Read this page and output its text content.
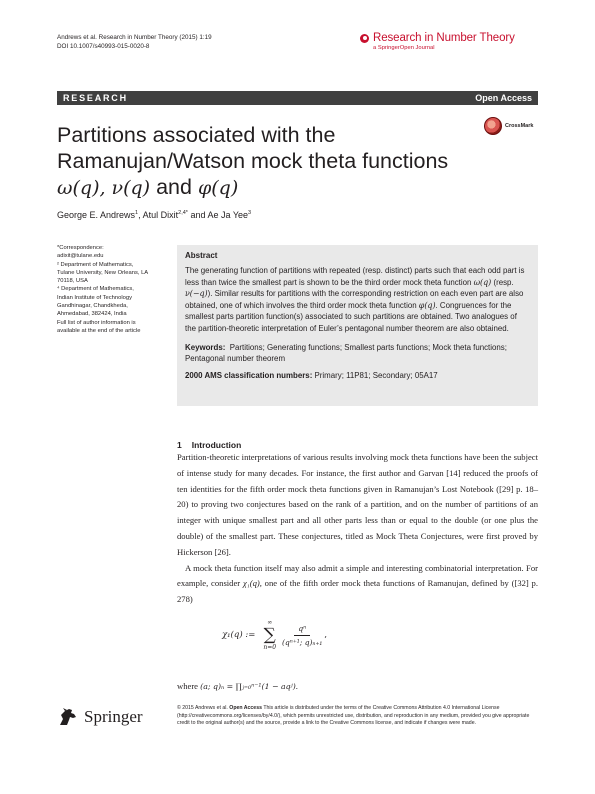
Andrews et al. Research in Number Theory (2015) 1:19
DOI 10.1007/s40993-015-0020-8
Research in Number Theory
a SpringerOpen Journal
RESEARCH	Open Access
CrossMark
Partitions associated with the
Ramanujan/Watson mock theta functions
ω(q), ν(q) and φ(q)
George E. Andrews$^1$, Atul Dixit$^{2,4*}$ and Ae Ja Yee$^3$
*Correspondence:
adixit@tulane.edu
² Department of Mathematics,
Tulane University, New Orleans, LA
70118, USA
⁴ Department of Mathematics,
Indian Institute of Technology
Gandhinagar, Chandkheda,
Ahmedabad, 382424, India
Full list of author information is
available at the end of the article
Abstract
The generating function of partitions with repeated (resp. distinct) parts such that each odd part is less than twice the smallest part is shown to be the third order mock theta function ω(q) (resp. ν(−q)). Similar results for partitions with the corresponding restriction on each even part are also obtained, one of which involves the third order mock theta function φ(q). Congruences for the smallest parts partition function(s) associated to such partitions are obtained. Two analogues of the partition-theoretic interpretation of Euler’s pentagonal number theorem are also obtained.
Keywords: Partitions; Generating functions; Smallest parts functions; Mock theta functions; Pentagonal number theorem
2000 AMS classification numbers: Primary; 11P81; Secondary; 05A17
1 Introduction

Partition-theoretic interpretations of various results involving mock theta functions have been the subject of intense study for many decades. For instance, the first author and Garvan [14] reduced the proofs of ten identities for the fifth order mock theta functions given in Ramanujan’s Lost Notebook ([29] p. 18–20) to proving two conjectures based on the rank of a partition, and on the number of partitions of an integer with unique smallest part and all other parts less than or equal to the double (or one plus the double) of the smallest part. These conjectures, titled as Mock Theta Conjectures, were first proved by Hickerson [26].

A mock theta function itself may also admit a simple and interesting combinatorial interpretation. For example, consider χ₁(q), one of the fifth order mock theta functions of Ramanujan, defined by ([32] p. 278)

χ₁(q) :=
∞
∑
n=0
$\frac{\text{qⁿ}}{\text{(qⁿ⁺¹; q)ₙ₊₁}}$ ,
where (a; q)ₙ = ∏ⱼ₌₀ⁿ⁻¹(1 − aqʲ).
Springer	© 2015 Andrews et al. Open Access This article is distributed under the terms of the Creative Commons Attribution 4.0 International License (http://creativecommons.org/licenses/by/4.0/), which permits unrestricted use, distribution, and reproduction in any medium, provided you give appropriate credit to the original author(s) and the source, provide a link to the Creative Commons license, and indicate if changes were made.
